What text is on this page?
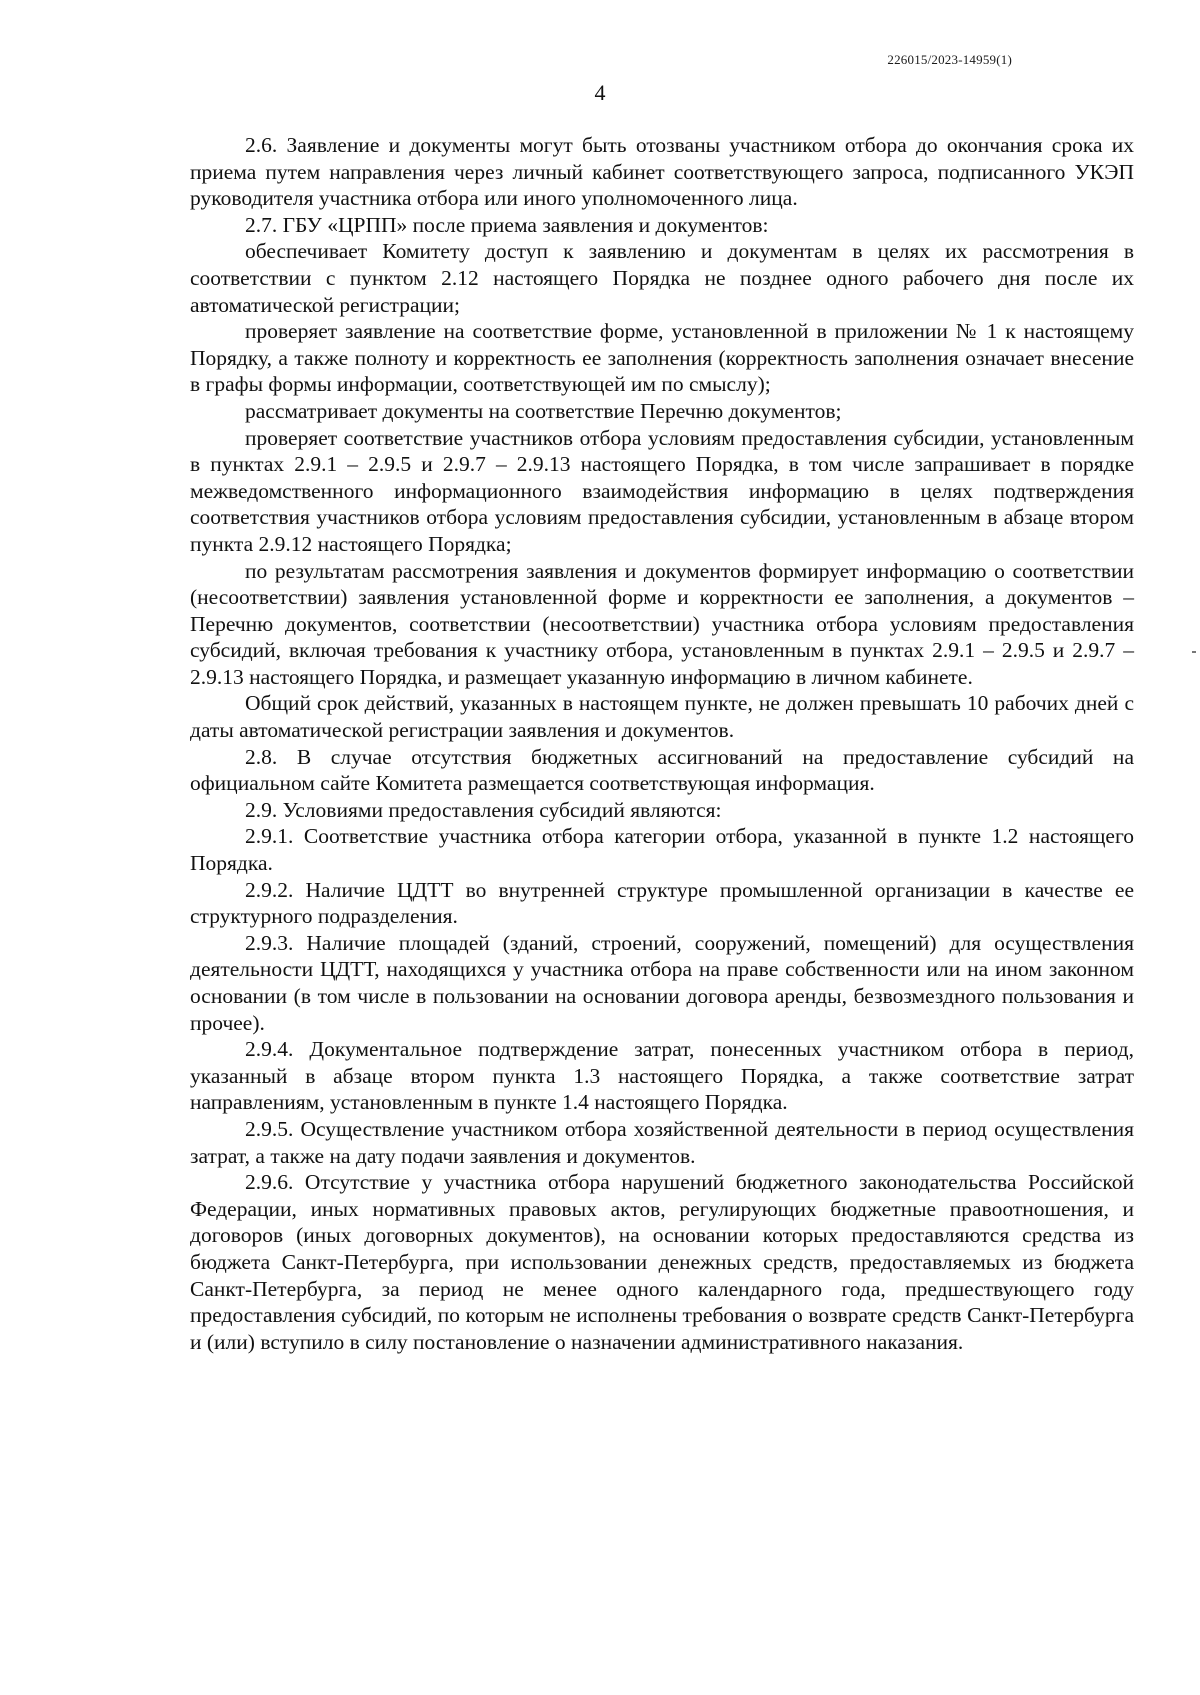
226015/2023-14959(1)
4

2.6. Заявление и документы могут быть отозваны участником отбора до окончания срока их приема путем направления через личный кабинет соответствующего запроса, подписанного УКЭП руководителя участника отбора или иного уполномоченного лица.

2.7. ГБУ «ЦРПП» после приема заявления и документов:

обеспечивает Комитету доступ к заявлению и документам в целях их рассмотрения в соответствии с пунктом 2.12 настоящего Порядка не позднее одного рабочего дня после их автоматической регистрации;

проверяет заявление на соответствие форме, установленной в приложении № 1 к настоящему Порядку, а также полноту и корректность ее заполнения (корректность заполнения означает внесение в графы формы информации, соответствующей им по смыслу);

рассматривает документы на соответствие Перечню документов;

проверяет соответствие участников отбора условиям предоставления субсидии, установленным в пунктах 2.9.1 – 2.9.5 и 2.9.7 – 2.9.13 настоящего Порядка, в том числе запрашивает в порядке межведомственного информационного взаимодействия информацию в целях подтверждения соответствия участников отбора условиям предоставления субсидии, установленным в абзаце втором пункта 2.9.12 настоящего Порядка;

по результатам рассмотрения заявления и документов формирует информацию о соответствии (несоответствии) заявления установленной форме и корректности ее заполнения, а документов – Перечню документов, соответствии (несоответствии) участника отбора условиям предоставления субсидий, включая требования к участнику отбора, установленным в пунктах 2.9.1 – 2.9.5 и 2.9.7 – 2.9.13 настоящего Порядка, и размещает указанную информацию в личном кабинете.

Общий срок действий, указанных в настоящем пункте, не должен превышать 10 рабочих дней с даты автоматической регистрации заявления и документов.

2.8. В случае отсутствия бюджетных ассигнований на предоставление субсидий на официальном сайте Комитета размещается соответствующая информация.

2.9. Условиями предоставления субсидий являются:

2.9.1. Соответствие участника отбора категории отбора, указанной в пункте 1.2 настоящего Порядка.

2.9.2. Наличие ЦДТТ во внутренней структуре промышленной организации в качестве ее структурного подразделения.

2.9.3. Наличие площадей (зданий, строений, сооружений, помещений) для осуществления деятельности ЦДТТ, находящихся у участника отбора на праве собственности или на ином законном основании (в том числе в пользовании на основании договора аренды, безвозмездного пользования и прочее).

2.9.4. Документальное подтверждение затрат, понесенных участником отбора в период, указанный в абзаце втором пункта 1.3 настоящего Порядка, а также соответствие затрат направлениям, установленным в пункте 1.4 настоящего Порядка.

2.9.5. Осуществление участником отбора хозяйственной деятельности в период осуществления затрат, а также на дату подачи заявления и документов.

2.9.6. Отсутствие у участника отбора нарушений бюджетного законодательства Российской Федерации, иных нормативных правовых актов, регулирующих бюджетные правоотношения, и договоров (иных договорных документов), на основании которых предоставляются средства из бюджета Санкт-Петербурга, при использовании денежных средств, предоставляемых из бюджета Санкт-Петербурга, за период не менее одного календарного года, предшествующего году предоставления субсидий, по которым не исполнены требования о возврате средств Санкт-Петербурга и (или) вступило в силу постановление о назначении административного наказания.
